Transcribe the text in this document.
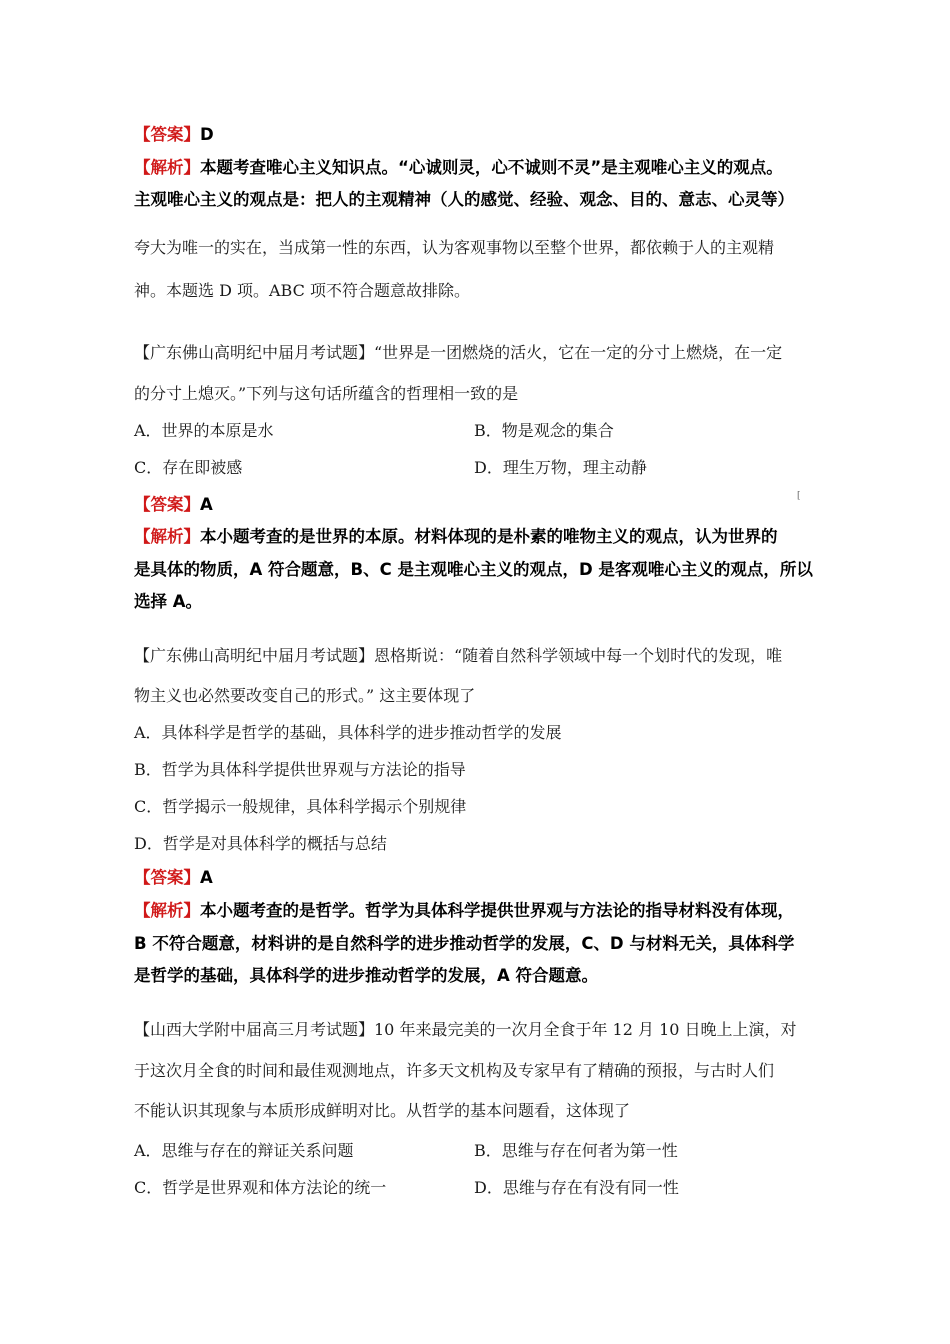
【答案】D
【解析】本题考查唯心主义知识点。“心诚则灵，心不诚则不灵”是主观唯心主义的观点。
主观唯心主义的观点是：把人的主观精神（人的感觉、经验、观念、目的、意志、心灵等）
夸大为唯一的实在，当成第一性的东西，认为客观事物以至整个世界，都依赖于人的主观精
神。本题选 D 项。ABC 项不符合题意故排除。
【广东佛山高明纪中届月考试题】“世界是一团燃烧的活火，它在一定的分寸上燃烧，在一定
的分寸上熄灭。”下列与这句话所蕴含的哲理相一致的是
A．世界的本原是水	B．物是观念的集合
C．存在即被感	D．理生万物，理主动静
【答案】A	[
【解析】本小题考查的是世界的本原。材料体现的是朴素的唯物主义的观点，认为世界的
是具体的物质，A 符合题意，B、C 是主观唯心主义的观点，D 是客观唯心主义的观点，所以
选择 A。
【广东佛山高明纪中届月考试题】恩格斯说：“随着自然科学领域中每一个划时代的发现，唯
物主义也必然要改变自己的形式。” 这主要体现了
A．具体科学是哲学的基础，具体科学的进步推动哲学的发展
B．哲学为具体科学提供世界观与方法论的指导
C．哲学揭示一般规律，具体科学揭示个别规律
D．哲学是对具体科学的概括与总结
【答案】A
【解析】本小题考查的是哲学。哲学为具体科学提供世界观与方法论的指导材料没有体现，
B 不符合题意，材料讲的是自然科学的进步推动哲学的发展，C、D 与材料无关，具体科学
是哲学的基础，具体科学的进步推动哲学的发展，A 符合题意。
【山西大学附中届高三月考试题】10 年来最完美的一次月全食于年 12 月 10 日晚上上演，对
于这次月全食的时间和最佳观测地点，许多天文机构及专家早有了精确的预报，与古时人们
不能认识其现象与本质形成鲜明对比。从哲学的基本问题看，这体现了
A．思维与存在的辩证关系问题	B．思维与存在何者为第一性
C．哲学是世界观和体方法论的统一	D．思维与存在有没有同一性
